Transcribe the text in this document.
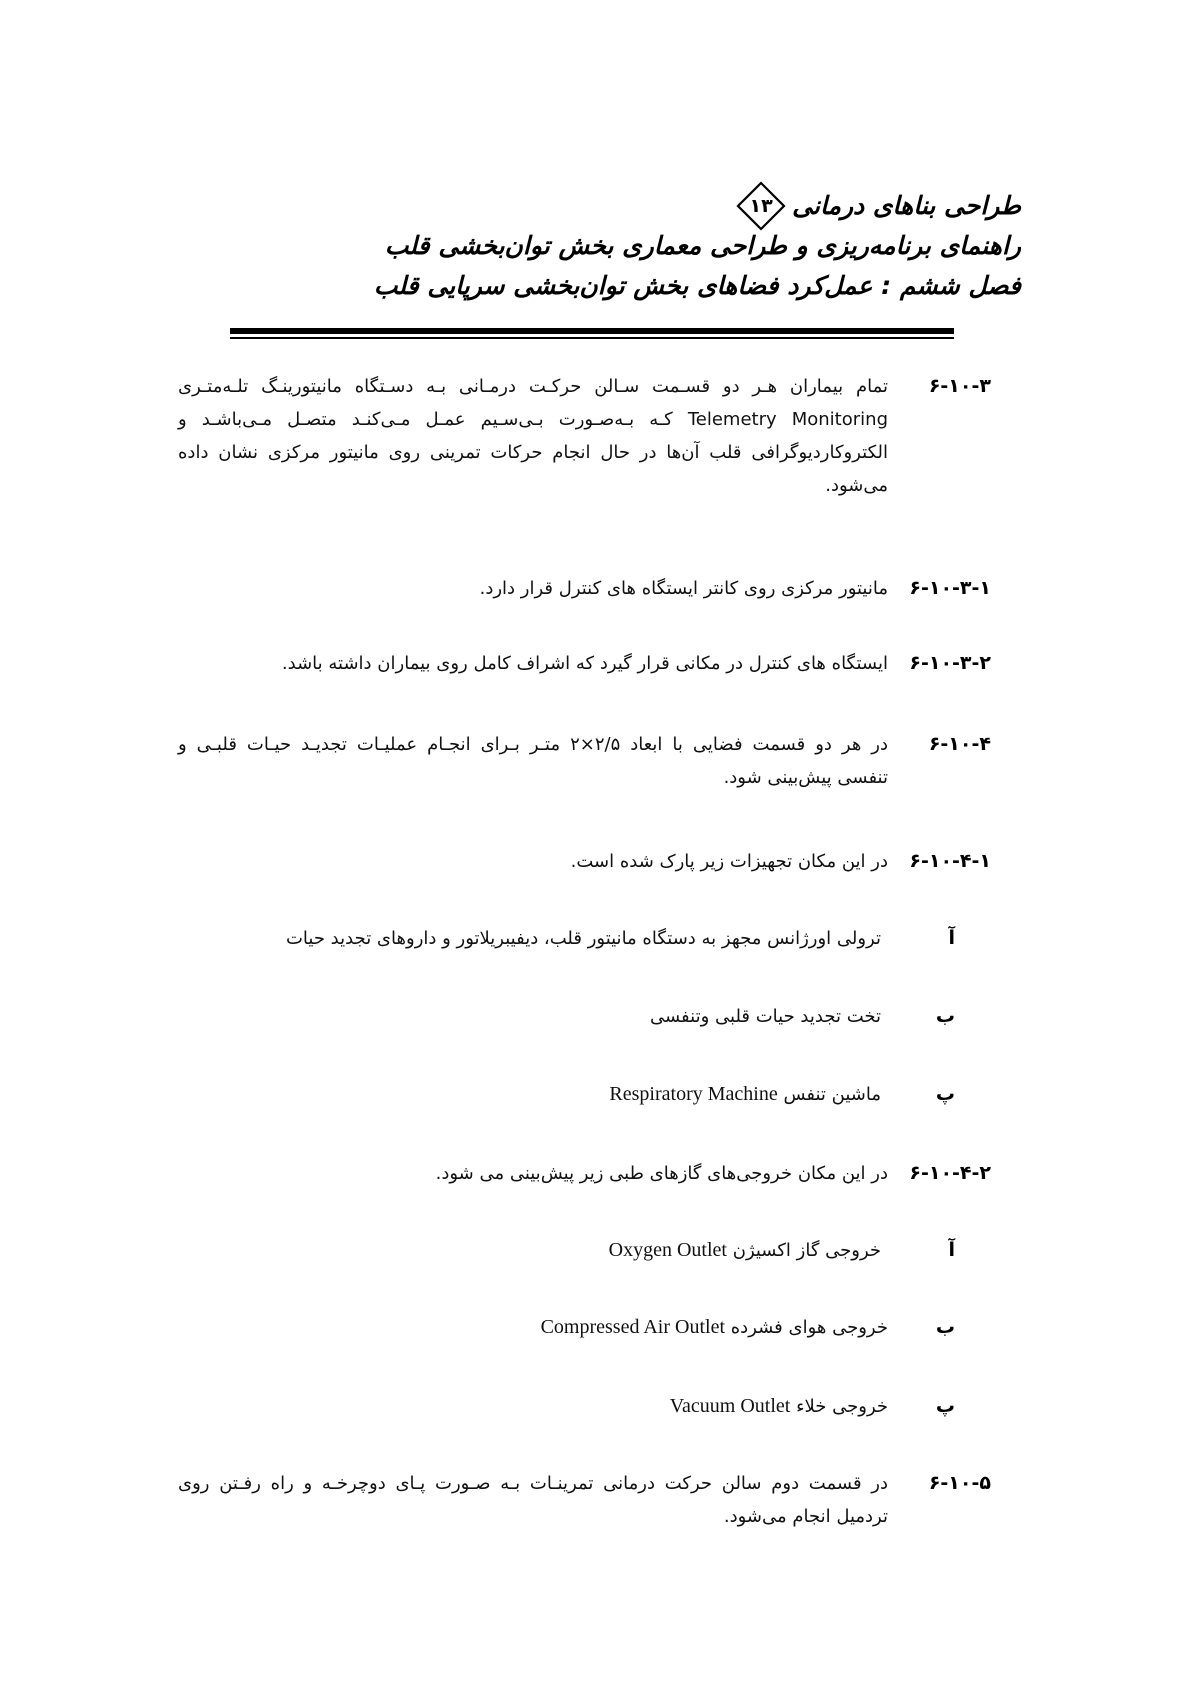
طراحی بناهای درمانی
۱۳
راهنمای برنامه‌ریزی و طراحی معماری بخش توان‌بخشی قلب
فصل ششم : عمل‌کرد فضاهای بخش توان‌بخشی سرپایی قلب
۶-۱۰-۳
تمام بیماران هـر دو قسـمت سـالن حرکـت درمـانی بـه دسـتگاه مانیتورینـگ تلـه‌متـری
Telemetry Monitoring کـه بـه‌صـورت بـی‌سـیم عمـل مـی‌کنـد متصـل مـی‌باشـد و
الکتروکاردیوگرافی قلب آن‌ها در حال انجام حرکات تمرینی روی مانیتور مرکزی نشان داده
می‌شود.
۶-۱۰-۳-۱
مانیتور مرکزی روی کانتر ایستگاه های کنترل قرار دارد.
۶-۱۰-۳-۲
ایستگاه های کنترل در مکانی قرار گیرد که اشراف کامل روی بیماران داشته باشد.
۶-۱۰-۴
در هر دو قسمت فضایی با ابعاد ۲/۵×۲ متـر بـرای انجـام عملیـات تجدیـد حیـات قلبـی و
تنفسی پیش‌بینی شود.
۶-۱۰-۴-۱
در این مکان تجهیزات زیر پارک شده است.
آ
ترولی اورژانس مجهز به دستگاه مانیتور قلب، دیفیبریلاتور و داروهای تجدید حیات
ب
تخت تجدید حیات قلبی وتنفسی
پ
ماشین تنفس Respiratory Machine
۶-۱۰-۴-۲
در این مکان خروجی‌های گازهای طبی زیر پیش‌بینی می شود.
آ
خروجی گاز اکسیژن Oxygen Outlet
ب
خروجی هوای فشرده Compressed Air Outlet
پ
خروجی خلاء Vacuum Outlet
۶-۱۰-۵
در قسمت دوم سالن حرکت درمانی تمرینـات بـه صـورت پـای دوچرخـه و راه رفـتن روی
تردمیل انجام می‌شود.
